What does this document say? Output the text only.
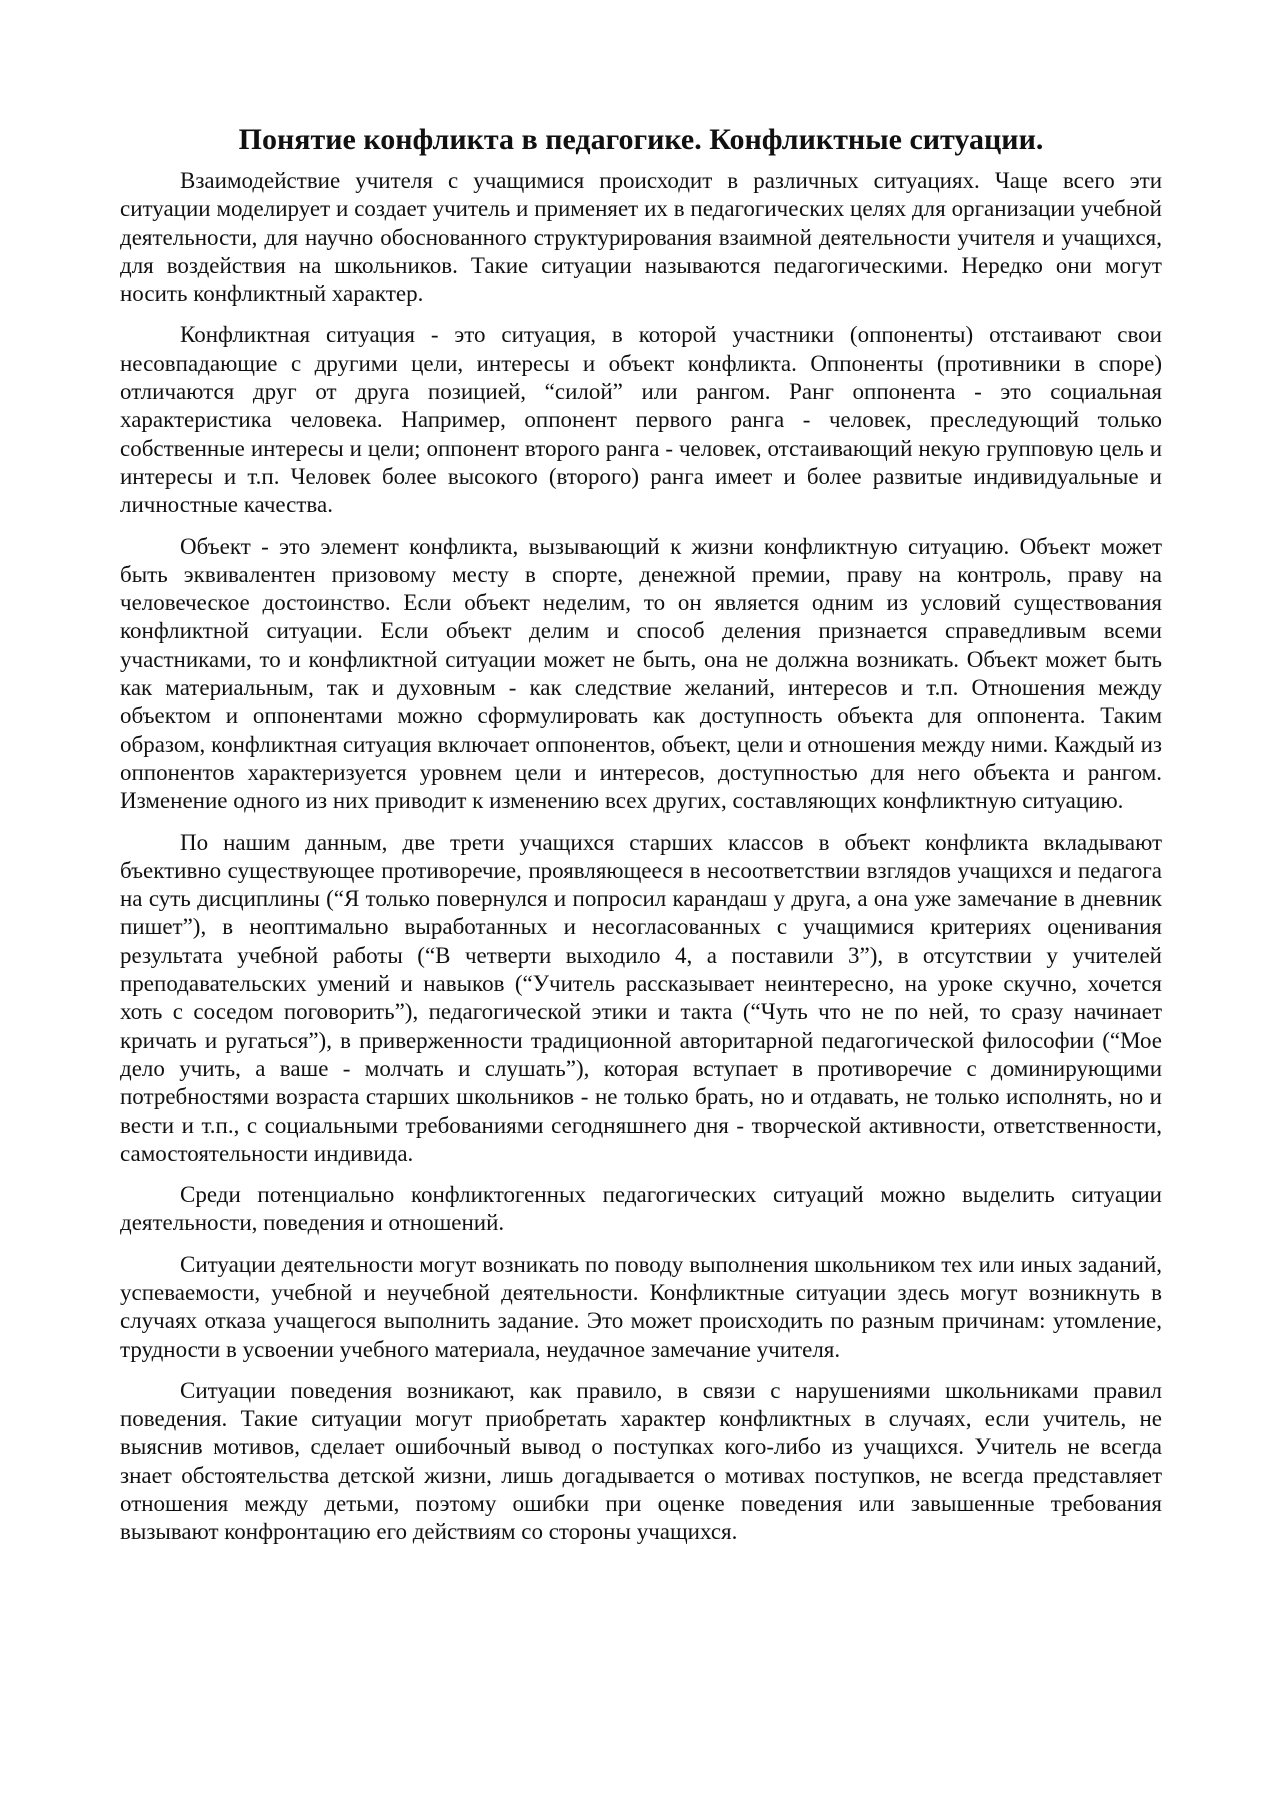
Понятие конфликта в педагогике. Конфликтные ситуации.

Взаимодействие учителя с учащимися происходит в различных ситуациях. Чаще всего эти ситуации моделирует и создает учитель и применяет их в педагогических целях для организации учебной деятельности, для научно обоснованного структурирования взаимной деятельности учителя и учащихся, для воздействия на школьников. Такие ситуации называются педагогическими. Нередко они могут носить конфликтный характер.

Конфликтная ситуация - это ситуация, в которой участники (оппоненты) отстаивают свои несовпадающие с другими цели, интересы и объект конфликта. Оппоненты (противники в споре) отличаются друг от друга позицией, “силой” или рангом. Ранг оппонента - это социальная характеристика человека. Например, оппонент первого ранга - человек, преследующий только собственные интересы и цели; оппонент второго ранга - человек, отстаивающий некую групповую цель и интересы и т.п. Человек более высокого (второго) ранга имеет и более развитые индивидуальные и личностные качества.

Объект - это элемент конфликта, вызывающий к жизни конфликтную ситуацию. Объект может быть эквивалентен призовому месту в спорте, денежной премии, праву на контроль, праву на человеческое достоинство. Если объект неделим, то он является одним из условий существования конфликтной ситуации. Если объект делим и способ деления признается справедливым всеми участниками, то и конфликтной ситуации может не быть, она не должна возникать. Объект может быть как материальным, так и духовным - как следствие желаний, интересов и т.п. Отношения между объектом и оппонентами можно сформулировать как доступность объекта для оппонента. Таким образом, конфликтная ситуация включает оппонентов, объект, цели и отношения между ними. Каждый из оппонентов характеризуется уровнем цели и интересов, доступностью для него объекта и рангом. Изменение одного из них приводит к изменению всех других, составляющих конфликтную ситуацию.

По нашим данным, две трети учащихся старших классов в объект конфликта вкладывают бъективно существующее противоречие, проявляющееся в несоответствии взглядов учащихся и педагога на суть дисциплины (“Я только повернулся и попросил карандаш у друга, а она уже замечание в дневник пишет”), в неоптимально выработанных и несогласованных с учащимися критериях оценивания результата учебной работы (“В четверти выходило 4, а поставили 3”), в отсутствии у учителей преподавательских умений и навыков (“Учитель рассказывает неинтересно, на уроке скучно, хочется хоть с соседом поговорить”), педагогической этики и такта (“Чуть что не по ней, то сразу начинает кричать и ругаться”), в приверженности традиционной авторитарной педагогической философии (“Мое дело учить, а ваше - молчать и слушать”), которая вступает в противоречие с доминирующими потребностями возраста старших школьников - не только брать, но и отдавать, не только исполнять, но и вести и т.п., с социальными требованиями сегодняшнего дня - творческой активности, ответственности, самостоятельности индивида.

Среди потенциально конфликтогенных педагогических ситуаций можно выделить ситуации деятельности, поведения и отношений.

Ситуации деятельности могут возникать по поводу выполнения школьником тех или иных заданий, успеваемости, учебной и неучебной деятельности. Конфликтные ситуации здесь могут возникнуть в случаях отказа учащегося выполнить задание. Это может происходить по разным причинам: утомление, трудности в усвоении учебного материала, неудачное замечание учителя.

Ситуации поведения возникают, как правило, в связи с нарушениями школьниками правил поведения. Такие ситуации могут приобретать характер конфликтных в случаях, если учитель, не выяснив мотивов, сделает ошибочный вывод о поступках кого-либо из учащихся. Учитель не всегда знает обстоятельства детской жизни, лишь догадывается о мотивах поступков, не всегда представляет отношения между детьми, поэтому ошибки при оценке поведения или завышенные требования вызывают конфронтацию его действиям со стороны учащихся.
